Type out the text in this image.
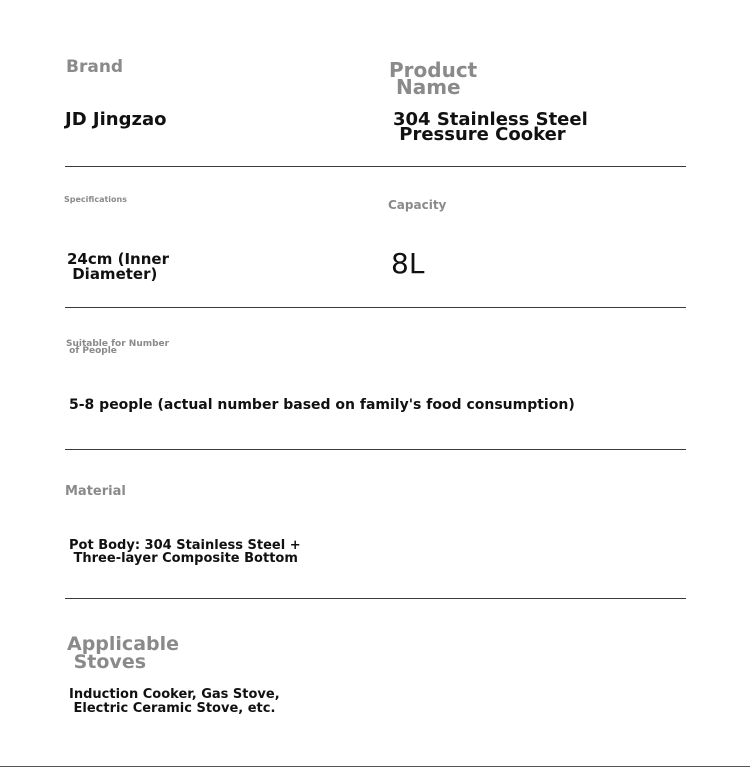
Brand
JD Jingzao
Product
Name
304 Stainless Steel
Pressure Cooker
Specifications
24cm (Inner
Diameter)
Capacity
8L
Suitable for Number
of People
5-8 people (actual number based on family's food consumption)
Material
Pot Body: 304 Stainless Steel +
Three-layer Composite Bottom
Applicable
Stoves
Induction Cooker, Gas Stove,
Electric Ceramic Stove, etc.
